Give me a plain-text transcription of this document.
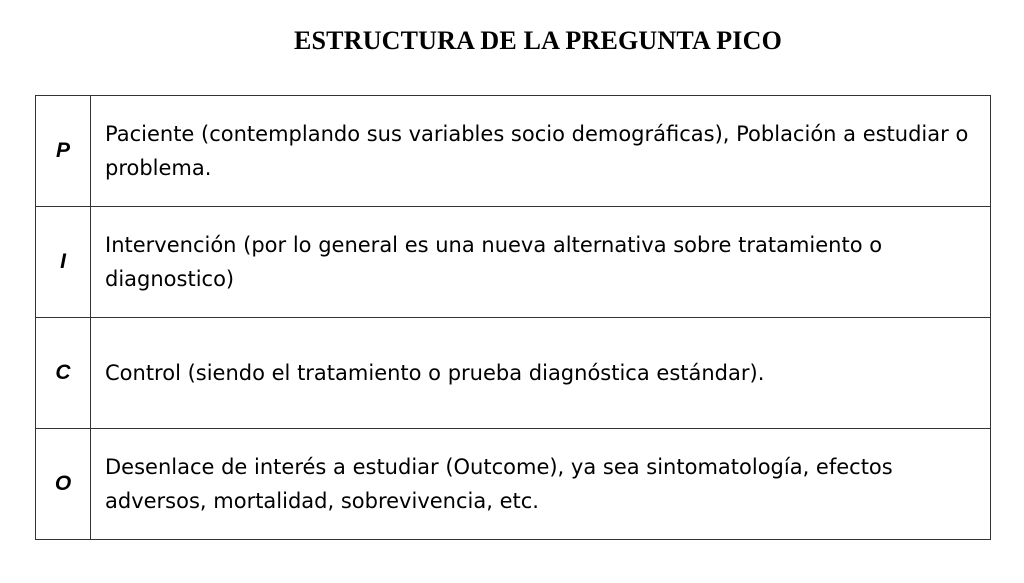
ESTRUCTURA DE LA PREGUNTA PICO
P	Paciente (contemplando sus variables socio demográficas), Población a estudiar o problema.
I	Intervención (por lo general es una nueva alternativa sobre tratamiento o diagnostico)
C	Control (siendo el tratamiento o prueba diagnóstica estándar).
O	Desenlace de interés a estudiar (Outcome), ya sea sintomatología, efectos adversos, mortalidad, sobrevivencia, etc.
